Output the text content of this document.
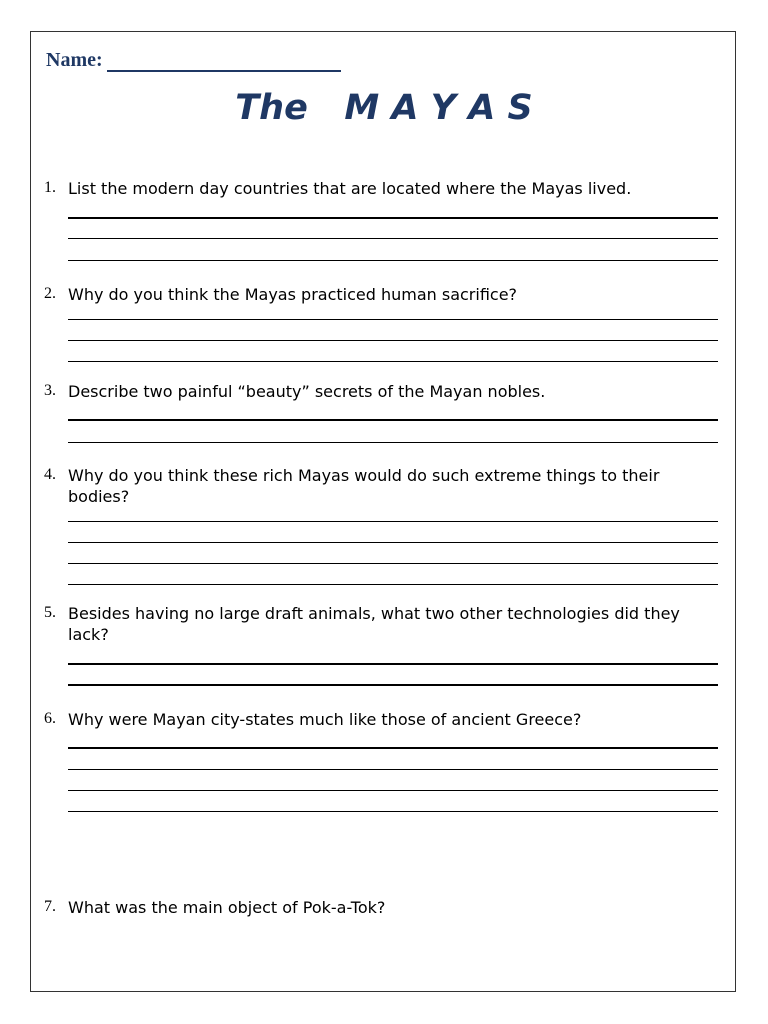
Name:
The   M A Y A S
1. List the modern day countries that are located where the Mayas lived.
2. Why do you think the Mayas practiced human sacrifice?
3. Describe two painful “beauty” secrets of the Mayan nobles.
4. Why do you think these rich Mayas would do such extreme things to their bodies?
5. Besides having no large draft animals, what two other technologies did they lack?
6. Why were Mayan city-states much like those of ancient Greece?
7. What was the main object of Pok-a-Tok?
